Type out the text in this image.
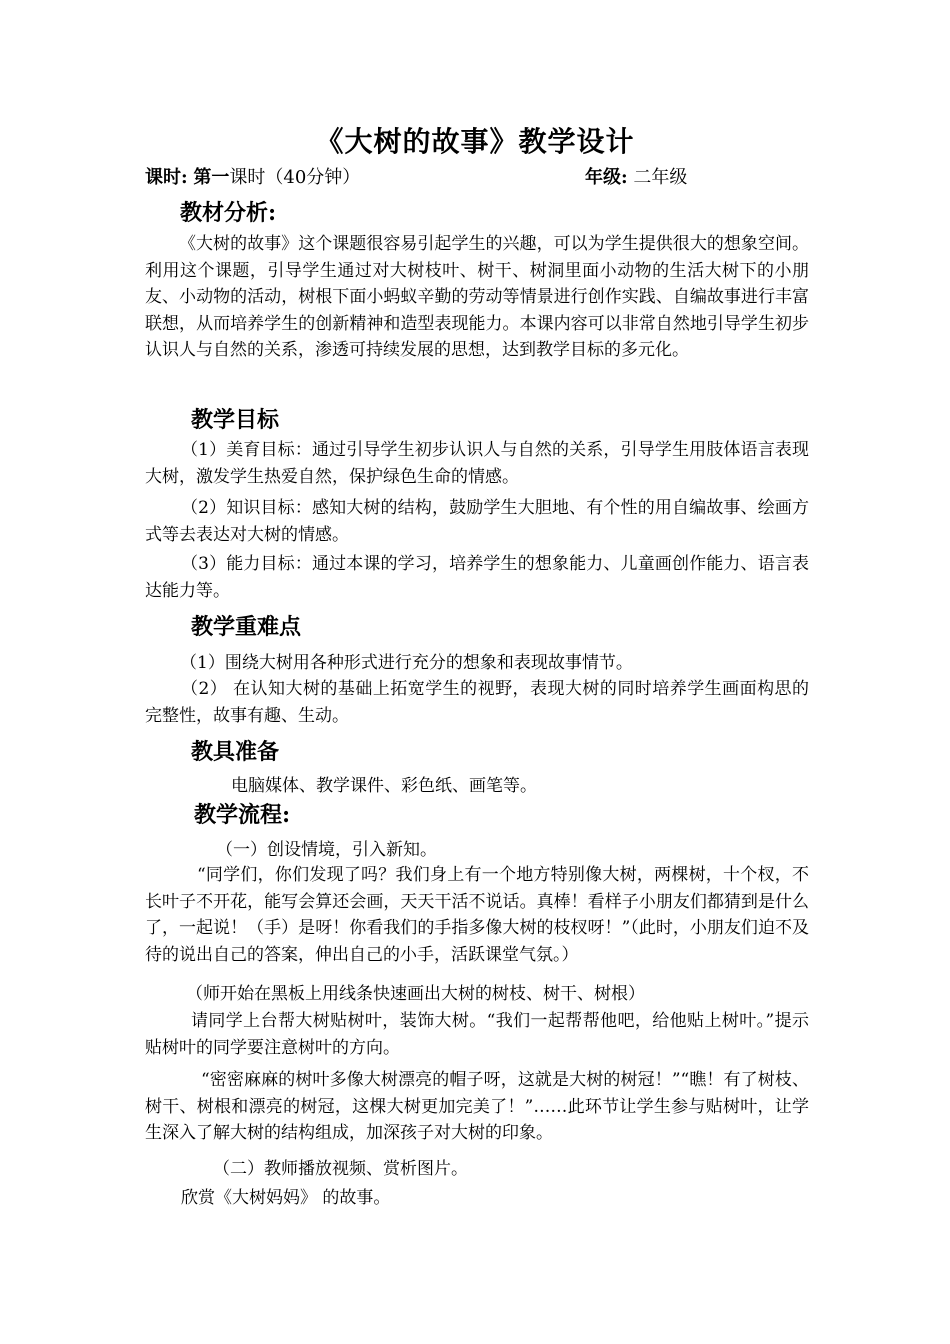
《大树的故事》教学设计
课时: 第一课时（40分钟）	年级: 二年级
教材分析:
《大树的故事》这个课题很容易引起学生的兴趣，可以为学生提供很大的想象空间。利用这个课题，引导学生通过对大树枝叶、树干、树洞里面小动物的生活大树下的小朋友、小动物的活动，树根下面小蚂蚁辛勤的劳动等情景进行创作实践、自编故事进行丰富联想，从而培养学生的创新精神和造型表现能力。本课内容可以非常自然地引导学生初步认识人与自然的关系，渗透可持续发展的思想，达到教学目标的多元化。
教学目标
（1）美育目标：通过引导学生初步认识人与自然的关系，引导学生用肢体语言表现大树，激发学生热爱自然，保护绿色生命的情感。
（2）知识目标：感知大树的结构，鼓励学生大胆地、有个性的用自编故事、绘画方式等去表达对大树的情感。
（3）能力目标：通过本课的学习，培养学生的想象能力、儿童画创作能力、语言表达能力等。
教学重难点
（1）围绕大树用各种形式进行充分的想象和表现故事情节。
（2） 在认知大树的基础上拓宽学生的视野，表现大树的同时培养学生画面构思的完整性，故事有趣、生动。
教具准备
电脑媒体、教学课件、彩色纸、画笔等。
教学流程:
（一）创设情境，引入新知。
“同学们，你们发现了吗？我们身上有一个地方特别像大树，两棵树，十个杈，不长叶子不开花，能写会算还会画，天天干活不说话。真棒！看样子小朋友们都猜到是什么了，一起说！（手）是呀！你看我们的手指多像大树的枝杈呀！”（此时，小朋友们迫不及待的说出自己的答案，伸出自己的小手，活跃课堂气氛。）
（师开始在黑板上用线条快速画出大树的树枝、树干、树根）
请同学上台帮大树贴树叶，装饰大树。“我们一起帮帮他吧，给他贴上树叶。”提示贴树叶的同学要注意树叶的方向。
“密密麻麻的树叶多像大树漂亮的帽子呀，这就是大树的树冠！”“瞧！有了树枝、树干、树根和漂亮的树冠，这棵大树更加完美了！”……此环节让学生参与贴树叶，让学生深入了解大树的结构组成，加深孩子对大树的印象。
（二）教师播放视频、赏析图片。
欣赏《大树妈妈》 的故事。
